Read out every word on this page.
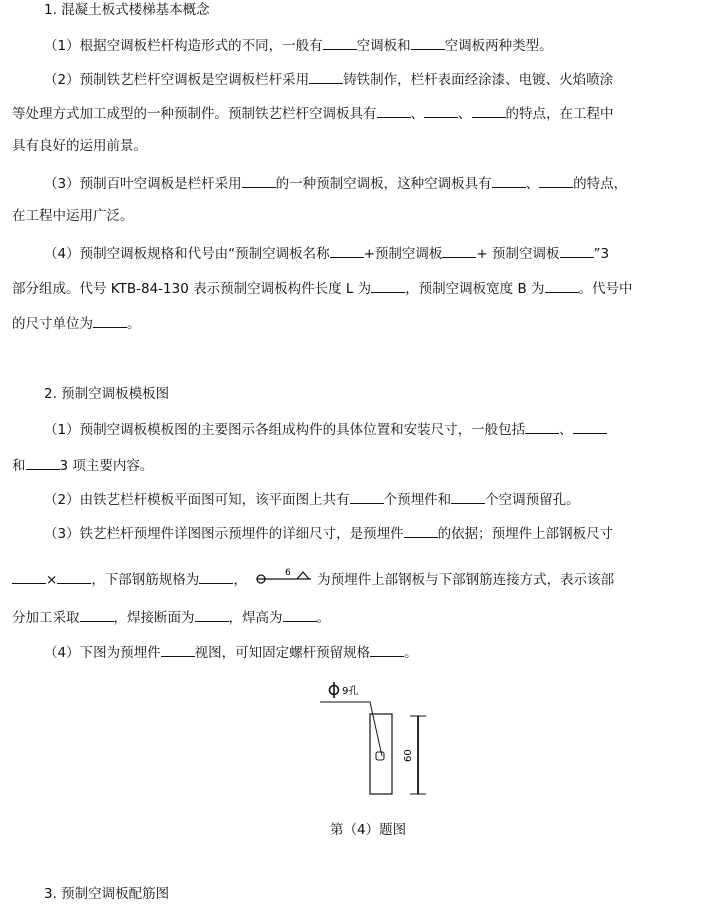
1. 混凝土板式楼梯基本概念
（1）根据空调板栏杆构造形式的不同，一般有	空调板和	空调板两种类型。
（2）预制铁艺栏杆空调板是空调板栏杆采用	铸铁制作，栏杆表面经涂漆、电镀、火焰喷涂
等处理方式加工成型的一种预制件。预制铁艺栏杆空调板具有	、	、	的特点，在工程中
具有良好的运用前景。
（3）预制百叶空调板是栏杆采用	的一种预制空调板，这种空调板具有	、	的特点，
在工程中运用广泛。
（4）预制空调板规格和代号由“预制空调板名称	+预制空调板	+ 预制空调板	”3
部分组成。代号 KTB-84-130 表示预制空调板构件长度 L 为	，预制空调板宽度 B 为	。代号中
的尺寸单位为	。
2. 预制空调板模板图
（1）预制空调板模板图的主要图示各组成构件的具体位置和安装尺寸，一般包括	、
和	3 项主要内容。
（2）由铁艺栏杆模板平面图可知，该平面图上共有	个预埋件和	个空调预留孔。
（3）铁艺栏杆预埋件详图图示预埋件的详细尺寸，是预埋件	的依据；预埋件上部钢板尺寸
×	，下部钢筋规格为	，	6 为预埋件上部钢板与下部钢筋连接方式，表示该部
分加工采取	，焊接断面为	，焊高为	。
（4）下图为预埋件	视图，可知固定螺杆预留规格	。
9孔
60
第（4）题图
3. 预制空调板配筋图
